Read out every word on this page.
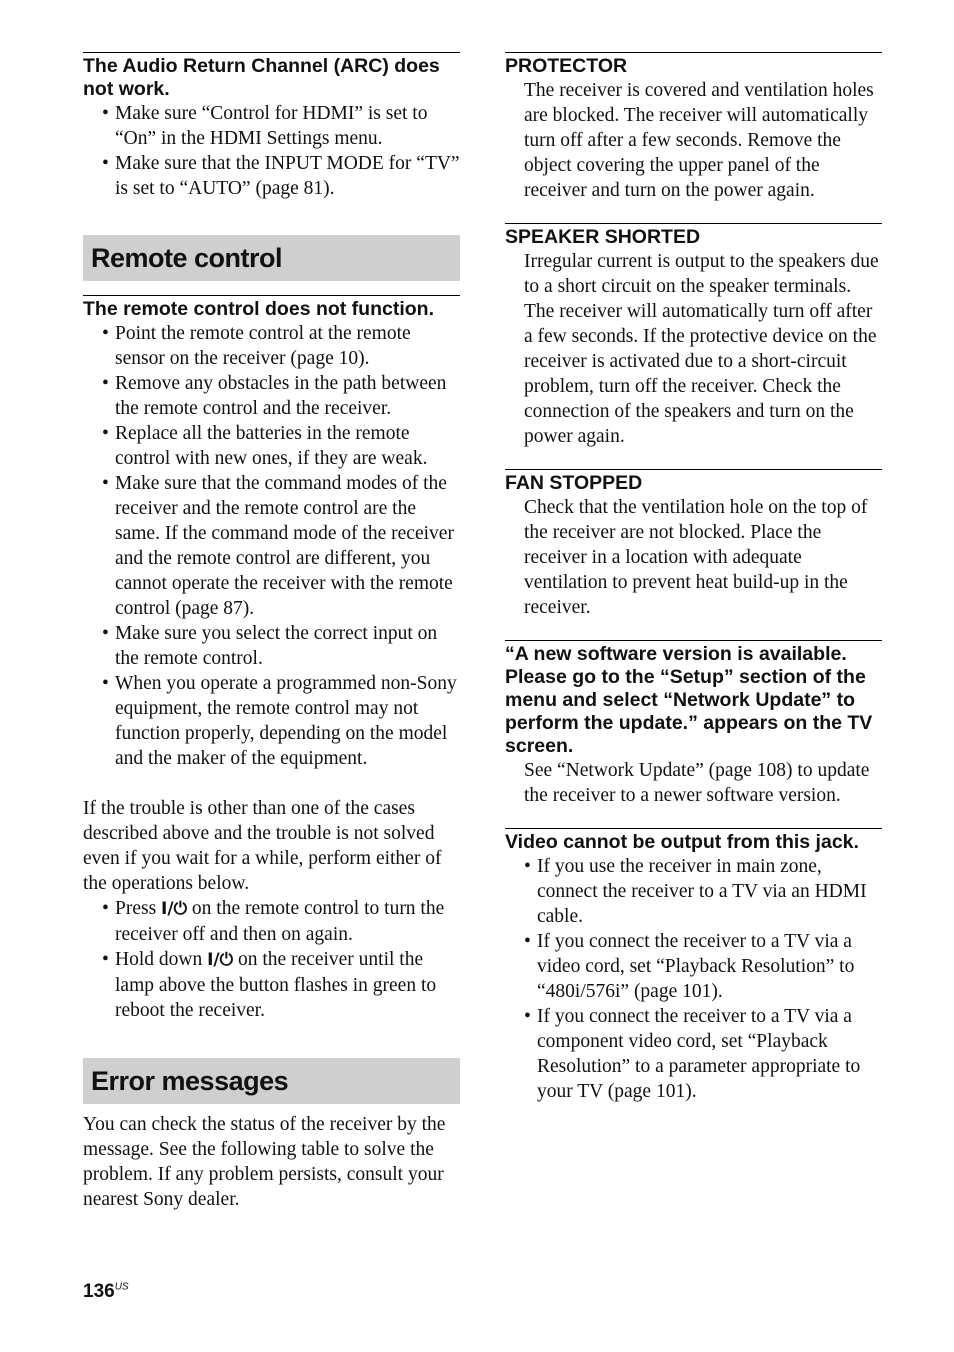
The Audio Return Channel (ARC) does not work.
• Make sure “Control for HDMI” is set to “On” in the HDMI Settings menu.
• Make sure that the INPUT MODE for “TV” is set to “AUTO” (page 81).
Remote control
The remote control does not function.
• Point the remote control at the remote sensor on the receiver (page 10).
• Remove any obstacles in the path between the remote control and the receiver.
• Replace all the batteries in the remote control with new ones, if they are weak.
• Make sure that the command modes of the receiver and the remote control are the same. If the command mode of the receiver and the remote control are different, you cannot operate the receiver with the remote control (page 87).
• Make sure you select the correct input on the remote control.
• When you operate a programmed non-Sony equipment, the remote control may not function properly, depending on the model and the maker of the equipment.

If the trouble is other than one of the cases described above and the trouble is not solved even if you wait for a while, perform either of the operations below.

• Press I/⏻ on the remote control to turn the receiver off and then on again.
• Hold down I/⏻ on the receiver until the lamp above the button flashes in green to reboot the receiver.
Error messages

You can check the status of the receiver by the message. See the following table to solve the problem. If any problem persists, consult your nearest Sony dealer.

PROTECTOR

The receiver is covered and ventilation holes are blocked. The receiver will automatically turn off after a few seconds. Remove the object covering the upper panel of the receiver and turn on the power again.

SPEAKER SHORTED

Irregular current is output to the speakers due to a short circuit on the speaker terminals. The receiver will automatically turn off after a few seconds. If the protective device on the receiver is activated due to a short-circuit problem, turn off the receiver. Check the connection of the speakers and turn on the power again.

FAN STOPPED

Check that the ventilation hole on the top of the receiver are not blocked. Place the receiver in a location with adequate ventilation to prevent heat build-up in the receiver.

“A new software version is available. Please go to the “Setup” section of the menu and select “Network Update” to perform the update.” appears on the TV screen.

See “Network Update” (page 108) to update the receiver to a newer software version.

Video cannot be output from this jack.
• If you use the receiver in main zone, connect the receiver to a TV via an HDMI cable.
• If you connect the receiver to a TV via a video cord, set “Playback Resolution” to “480i/576i” (page 101).
• If you connect the receiver to a TV via a component video cord, set “Playback Resolution” to a parameter appropriate to your TV (page 101).
$136^{US}$
